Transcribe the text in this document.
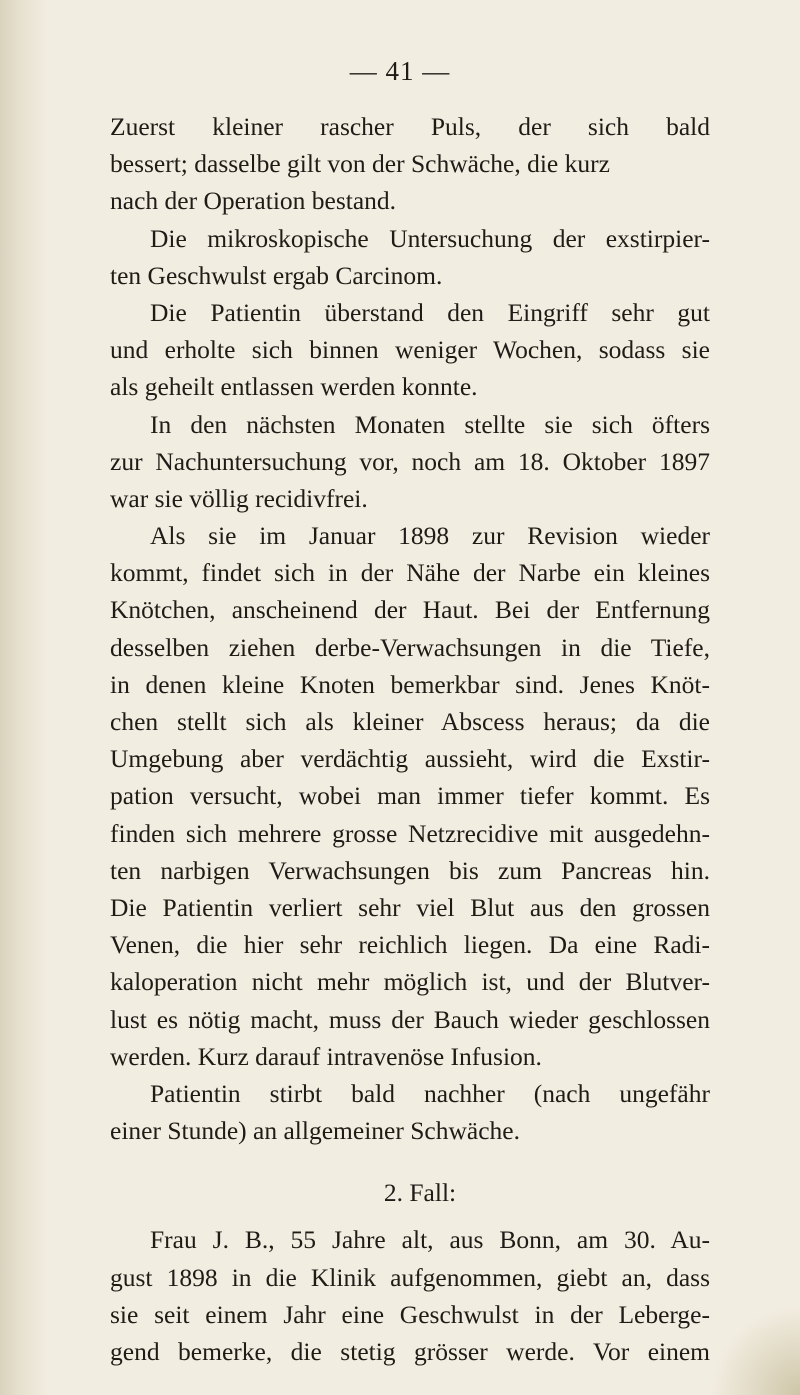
— 41 —
Zuerst kleiner rascher Puls, der sich bald
bessert; dasselbe gilt von der Schwäche, die kurz
nach der Operation bestand.
Die mikroskopische Untersuchung der exstirpier-
ten Geschwulst ergab Carcinom.
Die Patientin überstand den Eingriff sehr gut
und erholte sich binnen weniger Wochen, sodass sie
als geheilt entlassen werden konnte.
In den nächsten Monaten stellte sie sich öfters
zur Nachuntersuchung vor, noch am 18. Oktober 1897
war sie völlig recidivfrei.
Als sie im Januar 1898 zur Revision wieder
kommt, findet sich in der Nähe der Narbe ein kleines
Knötchen, anscheinend der Haut. Bei der Entfernung
desselben ziehen derbe-Verwachsungen in die Tiefe,
in denen kleine Knoten bemerkbar sind. Jenes Knöt-
chen stellt sich als kleiner Abscess heraus; da die
Umgebung aber verdächtig aussieht, wird die Exstir-
pation versucht, wobei man immer tiefer kommt. Es
finden sich mehrere grosse Netzrecidive mit ausgedehn-
ten narbigen Verwachsungen bis zum Pancreas hin.
Die Patientin verliert sehr viel Blut aus den grossen
Venen, die hier sehr reichlich liegen. Da eine Radi-
kaloperation nicht mehr möglich ist, und der Blutver-
lust es nötig macht, muss der Bauch wieder geschlossen
werden. Kurz darauf intravenöse Infusion.
Patientin stirbt bald nachher (nach ungefähr
einer Stunde) an allgemeiner Schwäche.
2. Fall:
Frau J. B., 55 Jahre alt, aus Bonn, am 30. Au-
gust 1898 in die Klinik aufgenommen, giebt an, dass
sie seit einem Jahr eine Geschwulst in der Leberge-
gend bemerke, die stetig grösser werde. Vor einem
